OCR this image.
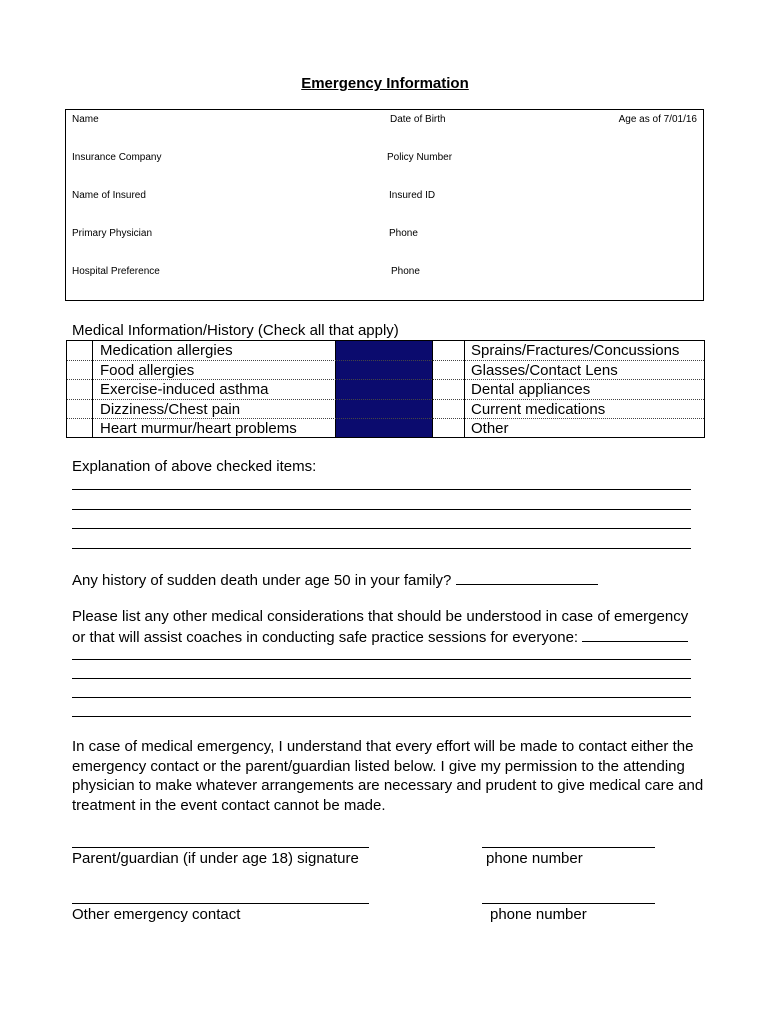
Emergency Information
Name	Date of Birth	Age as of 7/01/16
Insurance Company	Policy Number
Name of Insured	Insured ID
Primary Physician	Phone
Hospital Preference	Phone
Medical Information/History (Check all that apply)
Medication allergies	Sprains/Fractures/Concussions
Food allergies	Glasses/Contact Lens
Exercise-induced asthma	Dental appliances
Dizziness/Chest pain	Current medications
Heart murmur/heart problems	Other
Explanation of above checked items:
Any history of sudden death under age 50 in your family?
Please list any other medical considerations that should be understood in case of emergency or that will assist coaches in conducting safe practice sessions for everyone:
In case of medical emergency, I understand that every effort will be made to contact either the emergency contact or the parent/guardian listed below. I give my permission to the attending physician to make whatever arrangements are necessary and prudent to give medical care and treatment in the event contact cannot be made.
Parent/guardian (if under age 18) signature	phone number
Other emergency contact	phone number
